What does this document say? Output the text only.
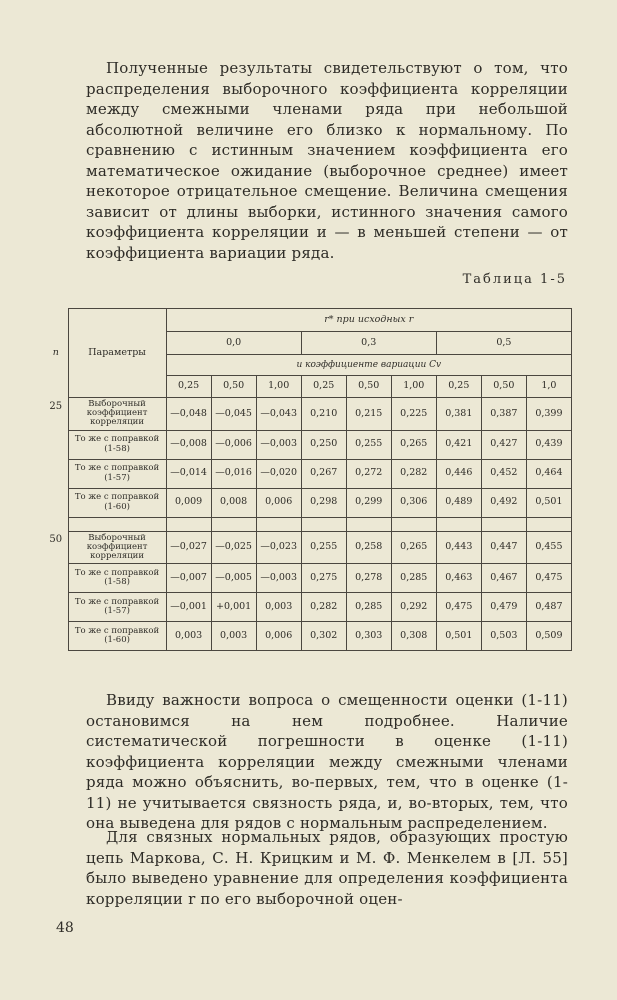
Полученные результаты свидетельствуют о том, что распределения выборочного коэффициента корреляции между смежными членами ряда при небольшой абсолютной величине его близко к нормальному. По сравнению с истинным значением коэффициента его математическое ожидание (выборочное среднее) имеет некоторое отрицательное смещение. Величина смещения зависит от длины выборки, истинного значения самого коэффициента корреляции и — в меньшей степени — от коэффициента вариации ряда.

Таблица 1-5
n	Параметры	r* при исходных r								
		0,0			0,3			0,5		
		и коэффициенте вариации Cv								
		0,25	0,50	1,00	0,25	0,50	1,00	0,25	0,50	1,0
25	Выборочный коэффициент корреляции	—0,048	—0,045	—0,043	0,210	0,215	0,225	0,381	0,387	0,399
	То же с поправкой (1-58)	—0,008	—0,006	—0,003	0,250	0,255	0,265	0,421	0,427	0,439
	То же с поправкой (1-57)	—0,014	—0,016	—0,020	0,267	0,272	0,282	0,446	0,452	0,464
	То же с поправкой (1-60)	0,009	0,008	0,006	0,298	0,299	0,306	0,489	0,492	0,501

50	Выборочный коэффициент корреляции	—0,027	—0,025	—0,023	0,255	0,258	0,265	0,443	0,447	0,455
	То же с поправкой (1-58)	—0,007	—0,005	—0,003	0,275	0,278	0,285	0,463	0,467	0,475
	То же с поправкой (1-57)	—0,001	+0,001	0,003	0,282	0,285	0,292	0,475	0,479	0,487
	То же с поправкой (1-60)	0,003	0,003	0,006	0,302	0,303	0,308	0,501	0,503	0,509

Ввиду важности вопроса о смещенности оценки (1-11) остановимся на нем подробнее. Наличие систематической погрешности в оценке (1-11) коэффициента корреляции между смежными членами ряда можно объяснить, во-первых, тем, что в оценке (1-11) не учитывается связность ряда, и, во-вторых, тем, что она выведена для рядов с нормальным распределением.

Для связных нормальных рядов, образующих простую цепь Маркова, С. Н. Крицким и М. Ф. Менкелем в [Л. 55] было выведено уравнение для определения коэффициента корреляции r по его выборочной оцен-

48
